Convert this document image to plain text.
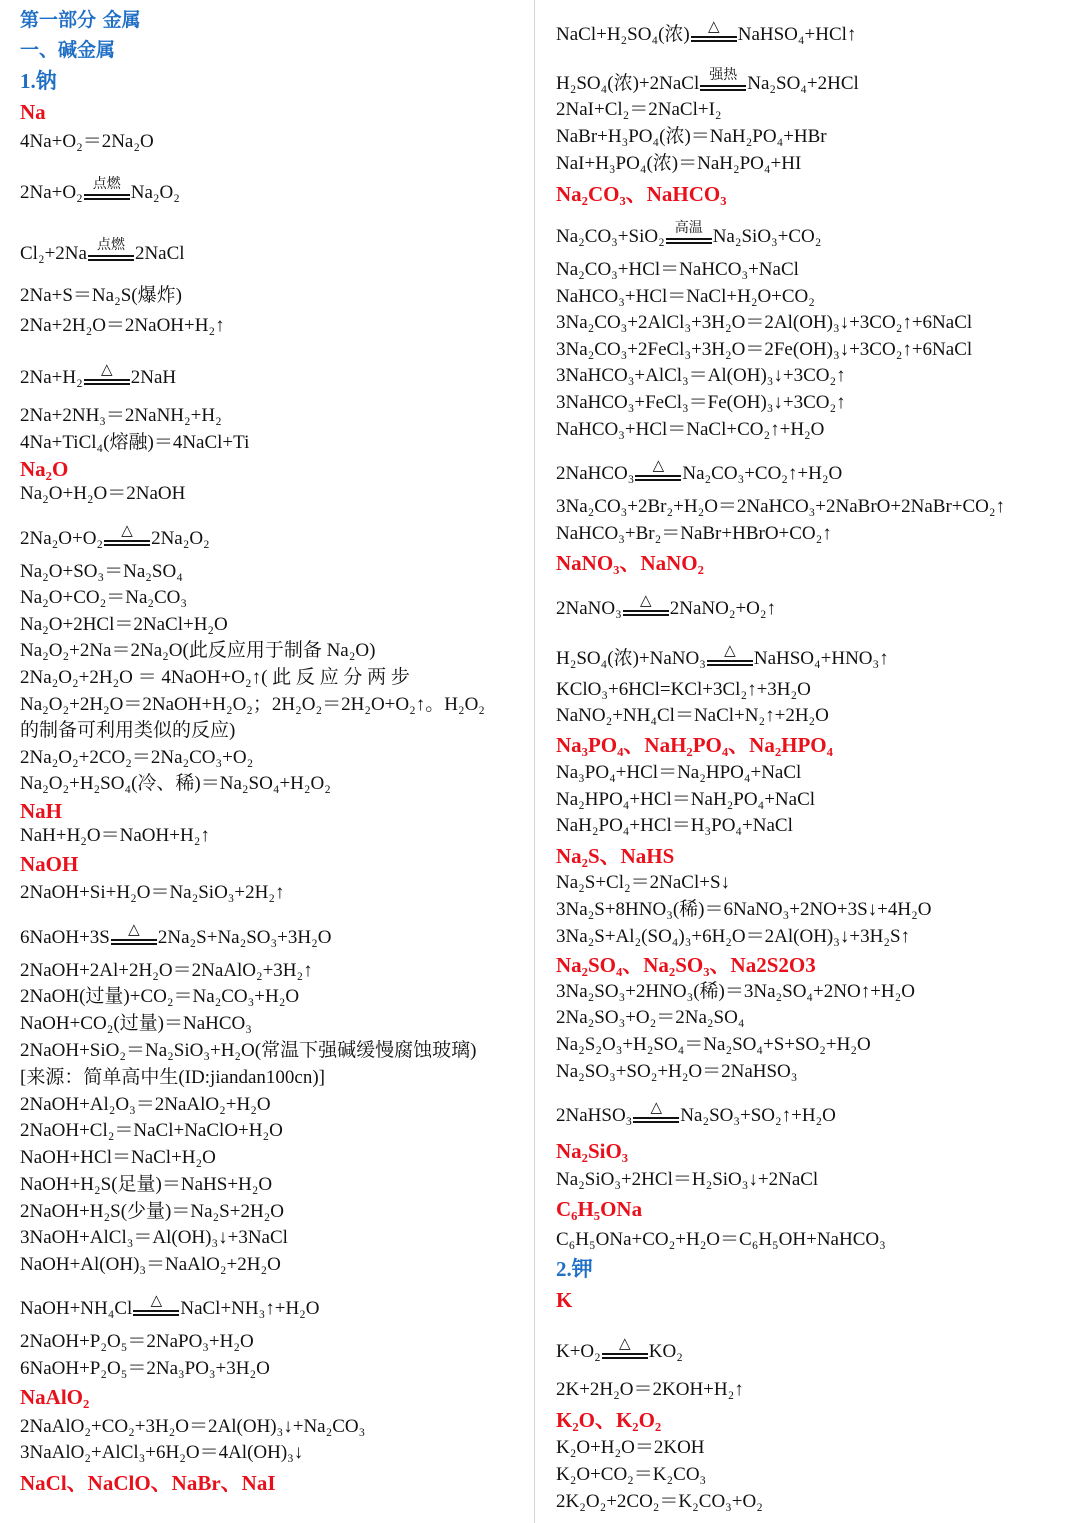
第一部分 金属
一、碱金属
1.钠
Na
4Na+O₂＝2Na₂O
2Na+O₂ 点燃 Na₂O₂
Cl₂+2Na 点燃 2NaCl
2Na+S＝Na₂S(爆炸)
2Na+2H₂O＝2NaOH+H₂↑
2Na+H₂	△ 2NaH
2Na+2NH₃＝2NaNH₂+H₂
4Na+TiCl₄(熔融)＝4NaCl+Ti
Na₂O
Na₂O+H₂O＝2NaOH
2Na₂O+O₂	△ 2Na₂O₂
Na₂O+SO₃＝Na₂SO₄
Na₂O+CO₂＝Na₂CO₃
Na₂O+2HCl＝2NaCl+H₂O
Na₂O₂+2Na＝2Na₂O(此反应用于制备 Na₂O)
2Na₂O₂+2H₂O ＝ 4NaOH+O₂↑( 此 反 应 分 两 步
Na₂O₂+2H₂O＝2NaOH+H₂O₂；2H₂O₂＝2H₂O+O₂↑。H₂O₂
的制备可利用类似的反应)
2Na₂O₂+2CO₂＝2Na₂CO₃+O₂
Na₂O₂+H₂SO₄(冷、稀)＝Na₂SO₄+H₂O₂
NaH
NaH+H₂O＝NaOH+H₂↑
NaOH
2NaOH+Si+H₂O＝Na₂SiO₃+2H₂↑
6NaOH+3S	△ 2Na₂S+Na₂SO₃+3H₂O
2NaOH+2Al+2H₂O＝2NaAlO₂+3H₂↑
2NaOH(过量)+CO₂＝Na₂CO₃+H₂O
NaOH+CO₂(过量)＝NaHCO₃
2NaOH+SiO₂＝Na₂SiO₃+H₂O(常温下强碱缓慢腐蚀玻璃)
[来源：简单高中生(ID:jiandan100cn)]
2NaOH+Al₂O₃＝2NaAlO₂+H₂O
2NaOH+Cl₂＝NaCl+NaClO+H₂O
NaOH+HCl＝NaCl+H₂O
NaOH+H₂S(足量)＝NaHS+H₂O
2NaOH+H₂S(少量)＝Na₂S+2H₂O
3NaOH+AlCl₃＝Al(OH)₃↓+3NaCl
NaOH+Al(OH)₃＝NaAlO₂+2H₂O
NaOH+NH₄Cl	△ NaCl+NH₃↑+H₂O
2NaOH+P₂O₅＝2NaPO₃+H₂O
6NaOH+P₂O₅＝2Na₃PO₃+3H₂O
NaAlO₂
2NaAlO₂+CO₂+3H₂O＝2Al(OH)₃↓+Na₂CO₃
3NaAlO₂+AlCl₃+6H₂O＝4Al(OH)₃↓
NaCl、NaClO、NaBr、NaI
NaCl+H₂SO₄(浓)	△ NaHSO₄+HCl↑
H₂SO₄(浓)+2NaCl 强热 Na₂SO₄+2HCl
2NaI+Cl₂＝2NaCl+I₂
NaBr+H₃PO₄(浓)＝NaH₂PO₄+HBr
NaI+H₃PO₄(浓)＝NaH₂PO₄+HI
Na₂CO₃、NaHCO₃
Na₂CO₃+SiO₂ 高温 Na₂SiO₃+CO₂
Na₂CO₃+HCl＝NaHCO₃+NaCl
NaHCO₃+HCl＝NaCl+H₂O+CO₂
3Na₂CO₃+2AlCl₃+3H₂O＝2Al(OH)₃↓+3CO₂↑+6NaCl
3Na₂CO₃+2FeCl₃+3H₂O＝2Fe(OH)₃↓+3CO₂↑+6NaCl
3NaHCO₃+AlCl₃＝Al(OH)₃↓+3CO₂↑
3NaHCO₃+FeCl₃＝Fe(OH)₃↓+3CO₂↑
NaHCO₃+HCl＝NaCl+CO₂↑+H₂O
2NaHCO₃	△ Na₂CO₃+CO₂↑+H₂O
3Na₂CO₃+2Br₂+H₂O＝2NaHCO₃+2NaBrO+2NaBr+CO₂↑
NaHCO₃+Br₂＝NaBr+HBrO+CO₂↑
NaNO₃、NaNO₂
2NaNO₃	△ 2NaNO₂+O₂↑
H₂SO₄(浓)+NaNO₃	△ NaHSO₄+HNO₃↑
KClO₃+6HCl=KCl+3Cl₂↑+3H₂O
NaNO₂+NH₄Cl＝NaCl+N₂↑+2H₂O
Na₃PO₄、NaH₂PO₄、Na₂HPO₄
Na₃PO₄+HCl＝Na₂HPO₄+NaCl
Na₂HPO₄+HCl＝NaH₂PO₄+NaCl
NaH₂PO₄+HCl＝H₃PO₄+NaCl
Na₂S、NaHS
Na₂S+Cl₂＝2NaCl+S↓
3Na₂S+8HNO₃(稀)＝6NaNO₃+2NO+3S↓+4H₂O
3Na₂S+Al₂(SO₄)₃+6H₂O＝2Al(OH)₃↓+3H₂S↑
Na₂SO₄、Na₂SO₃、Na2S2O3
3Na₂SO₃+2HNO₃(稀)＝3Na₂SO₄+2NO↑+H₂O
2Na₂SO₃+O₂＝2Na₂SO₄
Na₂S₂O₃+H₂SO₄＝Na₂SO₄+S+SO₂+H₂O
Na₂SO₃+SO₂+H₂O＝2NaHSO₃
2NaHSO₃	△ Na₂SO₃+SO₂↑+H₂O
Na₂SiO₃
Na₂SiO₃+2HCl＝H₂SiO₃↓+2NaCl
C₆H₅ONa
C₆H₅ONa+CO₂+H₂O＝C₆H₅OH+NaHCO₃
2.钾
K
K+O₂	△ KO₂
2K+2H₂O＝2KOH+H₂↑
K₂O、K₂O₂
K₂O+H₂O＝2KOH
K₂O+CO₂＝K₂CO₃
2K₂O₂+2CO₂＝K₂CO₃+O₂
